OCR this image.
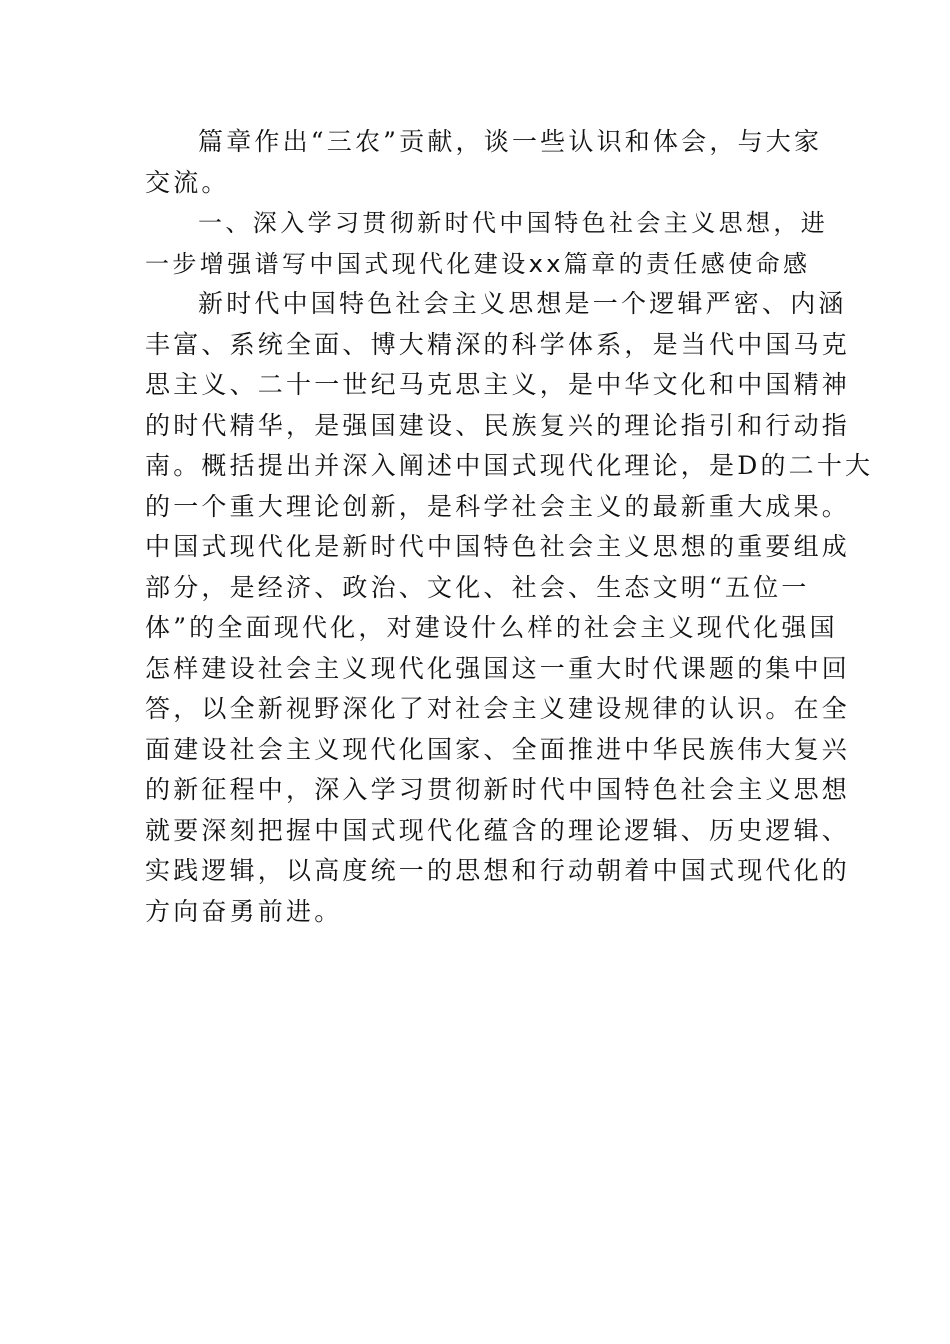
篇章作出“三农”贡献，谈一些认识和体会，与大家
交流。
一、深入学习贯彻新时代中国特色社会主义思想，进
一步增强谱写中国式现代化建设xx篇章的责任感使命感
新时代中国特色社会主义思想是一个逻辑严密、内涵
丰富、系统全面、博大精深的科学体系，是当代中国马克
思主义、二十一世纪马克思主义，是中华文化和中国精神
的时代精华，是强国建设、民族复兴的理论指引和行动指
南。概括提出并深入阐述中国式现代化理论，是D的二十大
的一个重大理论创新，是科学社会主义的最新重大成果。
中国式现代化是新时代中国特色社会主义思想的重要组成
部分，是经济、政治、文化、社会、生态文明“五位一
体”的全面现代化，对建设什么样的社会主义现代化强国
怎样建设社会主义现代化强国这一重大时代课题的集中回
答，以全新视野深化了对社会主义建设规律的认识。在全
面建设社会主义现代化国家、全面推进中华民族伟大复兴
的新征程中，深入学习贯彻新时代中国特色社会主义思想
就要深刻把握中国式现代化蕴含的理论逻辑、历史逻辑、
实践逻辑，以高度统一的思想和行动朝着中国式现代化的
方向奋勇前进。
